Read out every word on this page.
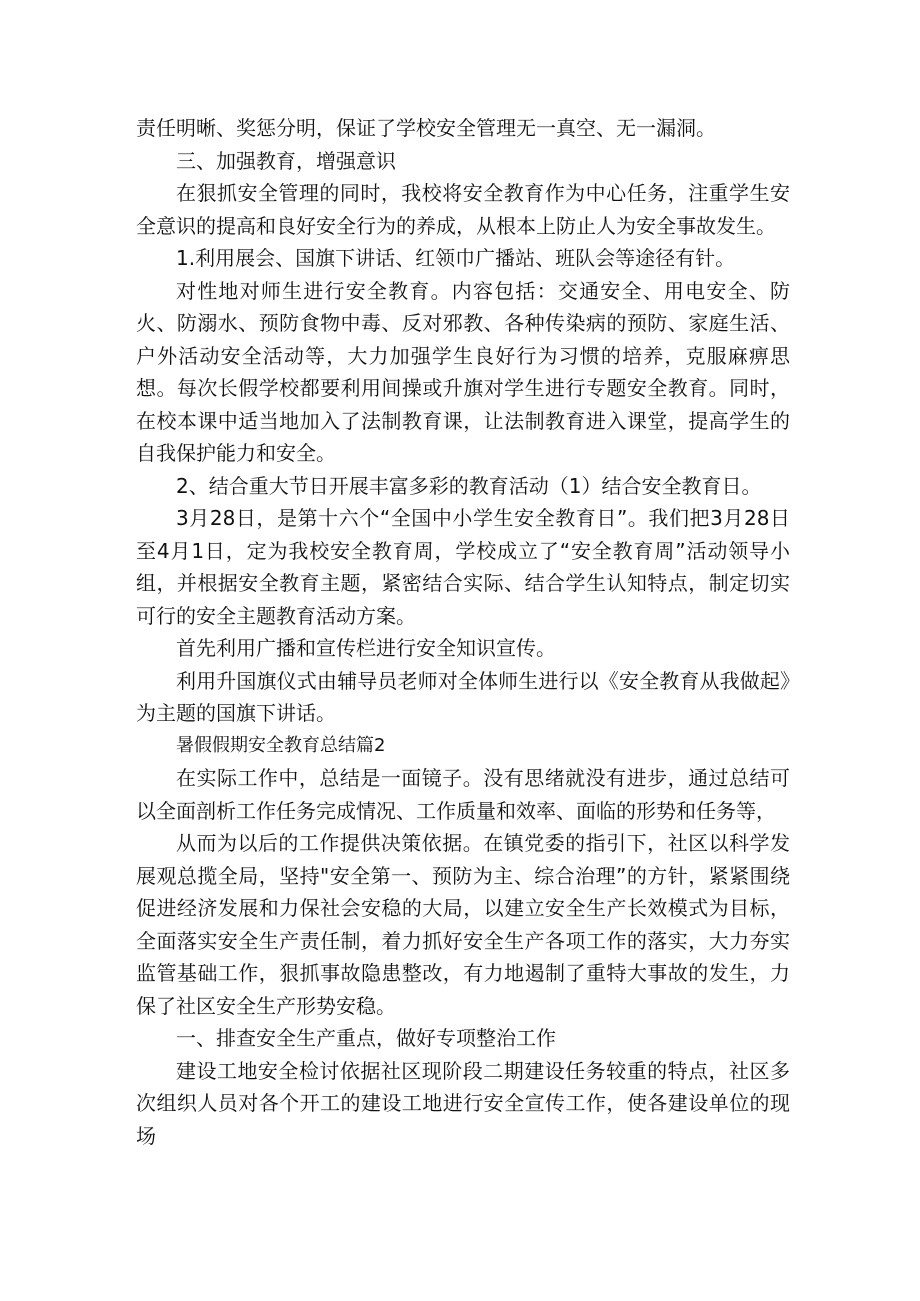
责任明晰、奖惩分明，保证了学校安全管理无一真空、无一漏洞。

三、加强教育，增强意识

在狠抓安全管理的同时，我校将安全教育作为中心任务，注重学生安全意识的提高和良好安全行为的养成，从根本上防止人为安全事故发生。

1.利用展会、国旗下讲话、红领巾广播站、班队会等途径有针。

对性地对师生进行安全教育。内容包括：交通安全、用电安全、防火、防溺水、预防食物中毒、反对邪教、各种传染病的预防、家庭生活、户外活动安全活动等，大力加强学生良好行为习惯的培养，克服麻痹思想。每次长假学校都要利用间操或升旗对学生进行专题安全教育。同时，在校本课中适当地加入了法制教育课，让法制教育进入课堂，提高学生的自我保护能力和安全。

2、结合重大节日开展丰富多彩的教育活动（1）结合安全教育日。

3月28日，是第十六个“全国中小学生安全教育日”。我们把3月28日至4月1日，定为我校安全教育周，学校成立了“安全教育周”活动领导小组，并根据安全教育主题，紧密结合实际、结合学生认知特点，制定切实可行的安全主题教育活动方案。

首先利用广播和宣传栏进行安全知识宣传。

利用升国旗仪式由辅导员老师对全体师生进行以《安全教育从我做起》为主题的国旗下讲话。

暑假假期安全教育总结篇2

在实际工作中，总结是一面镜子。没有思绪就没有进步，通过总结可以全面剖析工作任务完成情况、工作质量和效率、面临的形势和任务等，

从而为以后的工作提供决策依据。在镇党委的指引下，社区以科学发展观总揽全局，坚持"安全第一、预防为主、综合治理”的方针，紧紧围绕促进经济发展和力保社会安稳的大局，以建立安全生产长效模式为目标，全面落实安全生产责任制，着力抓好安全生产各项工作的落实，大力夯实监管基础工作，狠抓事故隐患整改，有力地遏制了重特大事故的发生，力保了社区安全生产形势安稳。

一、排查安全生产重点，做好专项整治工作

建设工地安全检讨依据社区现阶段二期建设任务较重的特点，社区多次组织人员对各个开工的建设工地进行安全宣传工作，使各建设单位的现场
